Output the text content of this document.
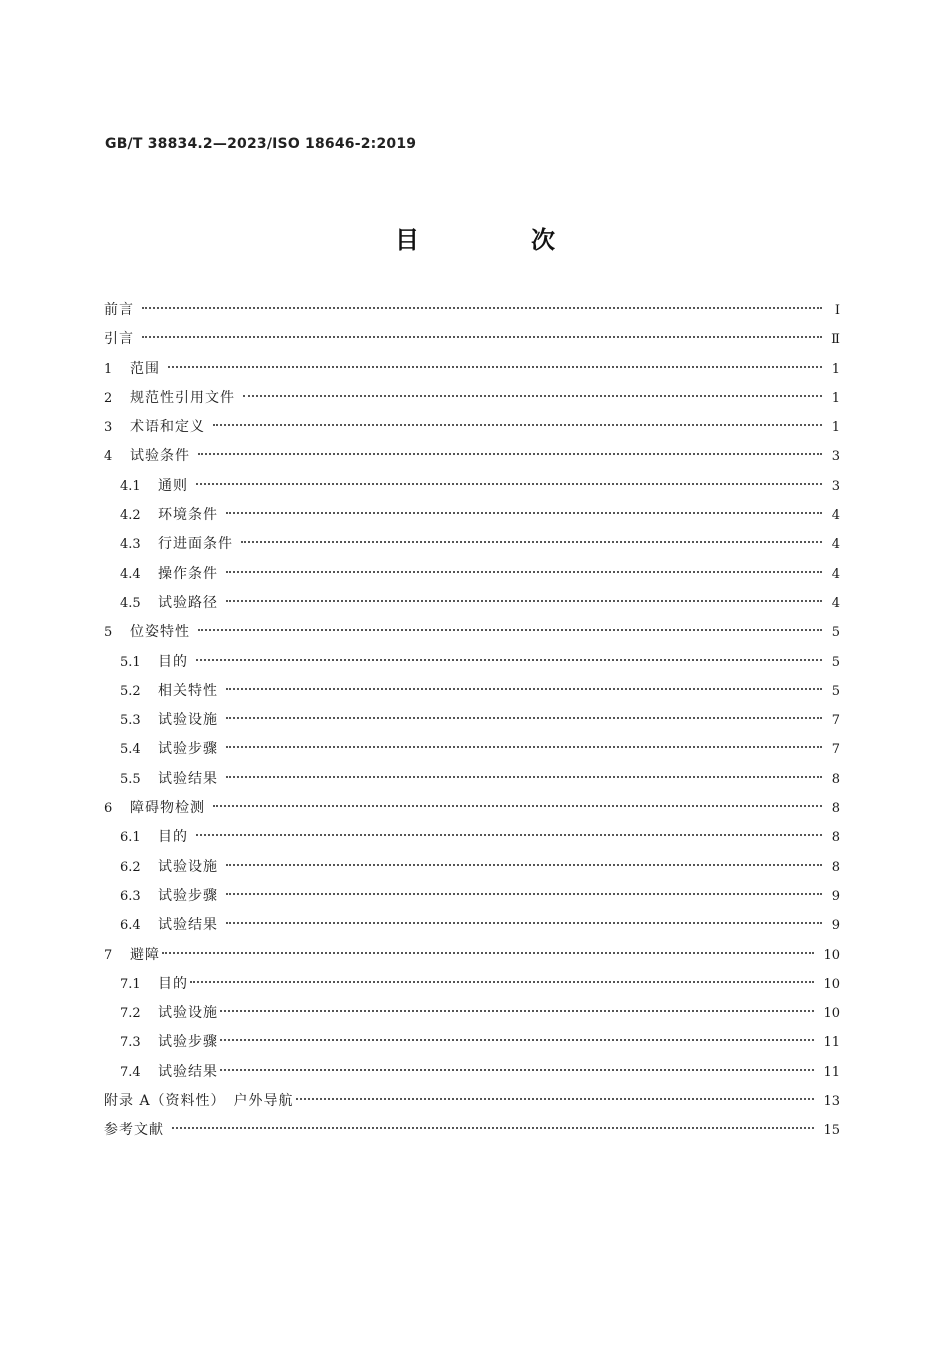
GB/T 38834.2—2023/ISO 18646-2:2019
目　次
前言	Ⅰ
引言	Ⅱ
1	范围	1
2	规范性引用文件	1
3	术语和定义	1
4	试验条件	3
4.1	通则	3
4.2	环境条件	4
4.3	行进面条件	4
4.4	操作条件	4
4.5	试验路径	4
5	位姿特性	5
5.1	目的	5
5.2	相关特性	5
5.3	试验设施	7
5.4	试验步骤	7
5.5	试验结果	8
6	障碍物检测	8
6.1	目的	8
6.2	试验设施	8
6.3	试验步骤	9
6.4	试验结果	9
7	避障	10
7.1	目的	10
7.2	试验设施	10
7.3	试验步骤	11
7.4	试验结果	11
附录 A（资料性）　户外导航	13
参考文献	15
